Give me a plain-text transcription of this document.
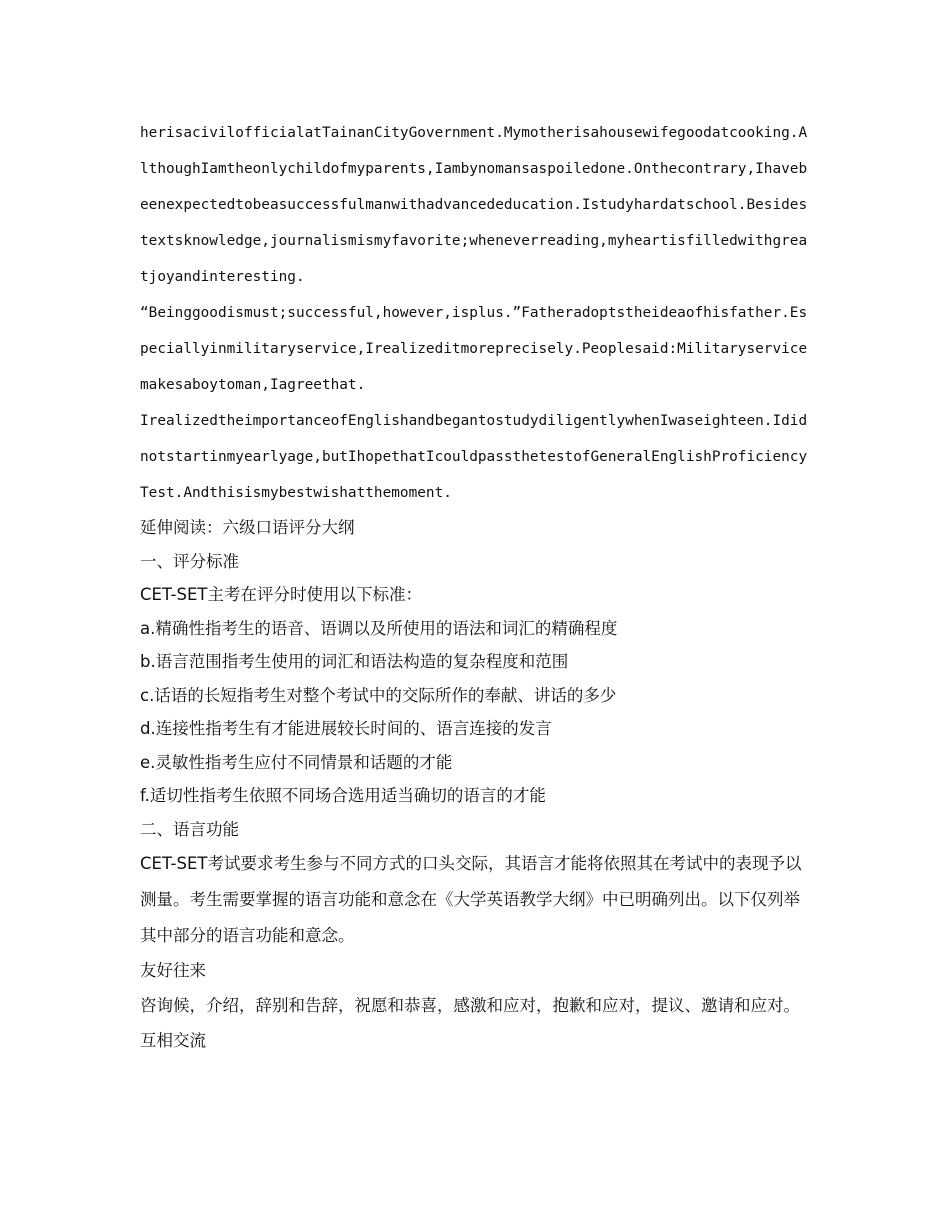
herisacivilofficialatTainanCityGovernment.Mymotherisahousewifegoodatcooking.AlthoughIamtheonlychildofmyparents,Iambynomansaspoiledone.Onthecontrary,Ihavebeenexpectedtobeasuccessfulmanwithadvancededucation.Istudyhardatschool.Besidestextsknowledge,journalismismyfavorite;wheneverreading,myheartisfilledwithgreatjoyandinteresting.

“Beinggoodismust;successful,however,isplus.”Fatheradoptstheideaofhisfather.Especiallyinmilitaryservice,Irealizeditmoreprecisely.Peoplesaid:Militaryservicemakesaboytoman,Iagreethat.

IrealizedtheimportanceofEnglishandbegantostudydiligentlywhenIwaseighteen.Ididnotstartinmyearlyage,butIhopethatIcouldpassthetestofGeneralEnglishProficiencyTest.Andthisismybestwishatthemoment.

延伸阅读：六级口语评分大纲

一、评分标准

CET-SET主考在评分时使用以下标准：

a.精确性指考生的语音、语调以及所使用的语法和词汇的精确程度

b.语言范围指考生使用的词汇和语法构造的复杂程度和范围

c.话语的长短指考生对整个考试中的交际所作的奉献、讲话的多少

d.连接性指考生有才能进展较长时间的、语言连接的发言

e.灵敏性指考生应付不同情景和话题的才能

f.适切性指考生依照不同场合选用适当确切的语言的才能

二、语言功能

CET-SET考试要求考生参与不同方式的口头交际，其语言才能将依照其在考试中的表现予以测量。考生需要掌握的语言功能和意念在《大学英语教学大纲》中已明确列出。以下仅列举其中部分的语言功能和意念。

友好往来

咨询候，介绍，辞别和告辞，祝愿和恭喜，感激和应对，抱歉和应对，提议、邀请和应对。

互相交流
